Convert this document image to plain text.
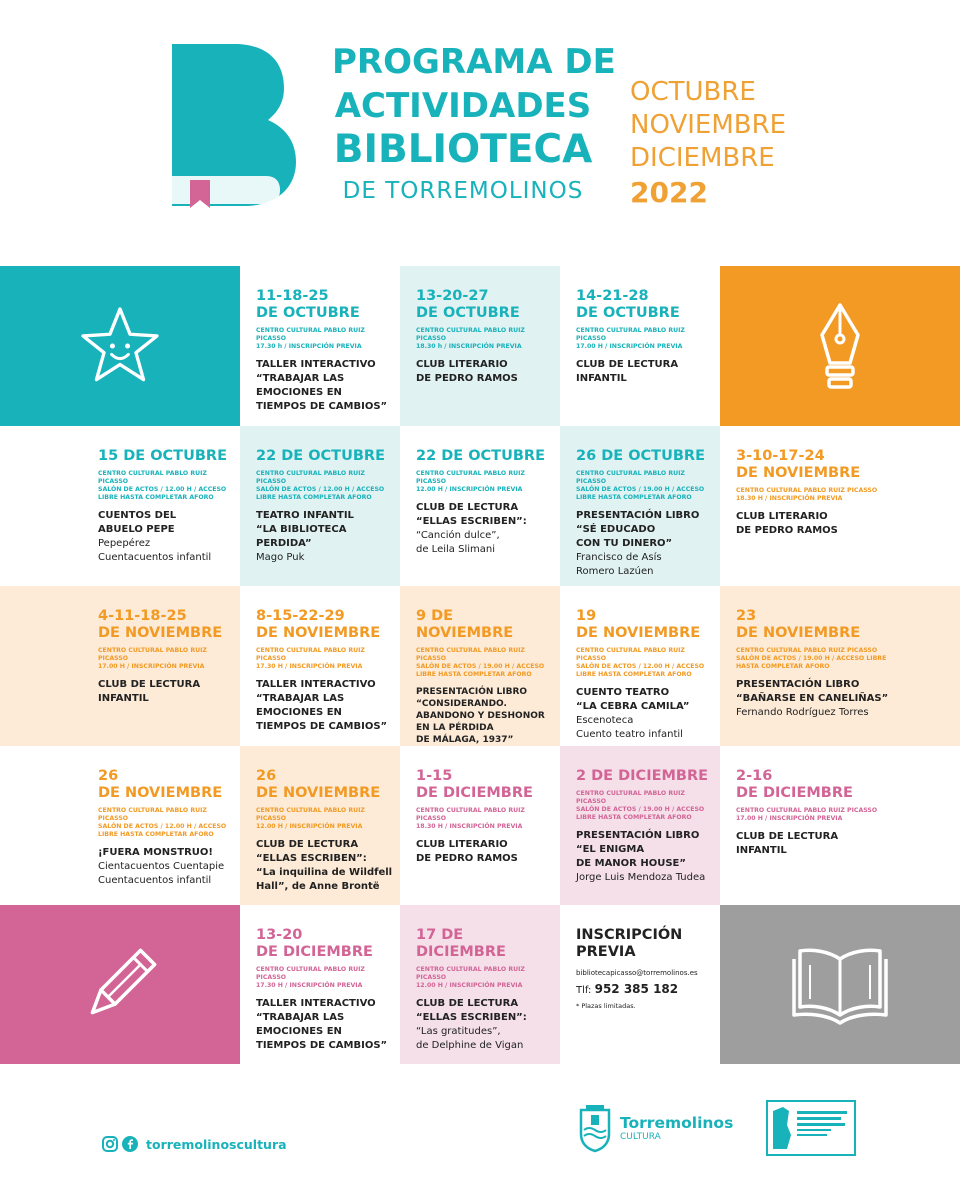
PROGRAMA DE
ACTIVIDADES
BIBLIOTECA
DE TORREMOLINOS
OCTUBRE
NOVIEMBRE
DICIEMBRE
2022
11-18-25
DE OCTUBRE
CENTRO CULTURAL PABLO RUIZ PICASSO
17.30 h / INSCRIPCIÓN PREVIA
TALLER INTERACTIVO
“TRABAJAR LAS
EMOCIONES EN
TIEMPOS DE CAMBIOS”
13-20-27
DE OCTUBRE
CENTRO CULTURAL PABLO RUIZ PICASSO
18.30 h / INSCRIPCIÓN PREVIA
CLUB LITERARIO
DE PEDRO RAMOS
14-21-28
DE OCTUBRE
CENTRO CULTURAL PABLO RUIZ PICASSO
17.00 H / INSCRIPCIÓN PREVIA
CLUB DE LECTURA
INFANTIL
15 DE OCTUBRE
CENTRO CULTURAL PABLO RUIZ PICASSO
SALÓN DE ACTOS / 12.00 H / ACCESO
LIBRE HASTA COMPLETAR AFORO
CUENTOS DEL
ABUELO PEPE
Pepepérez
Cuentacuentos infantil
22 DE OCTUBRE
CENTRO CULTURAL PABLO RUIZ PICASSO
SALÓN DE ACTOS / 12.00 H / ACCESO
LIBRE HASTA COMPLETAR AFORO
TEATRO INFANTIL
“LA BIBLIOTECA
PERDIDA”
Mago Puk
22 DE OCTUBRE
CENTRO CULTURAL PABLO RUIZ PICASSO
12.00 H / INSCRIPCIÓN PREVIA
CLUB DE LECTURA
“ELLAS ESCRIBEN”:
“Canción dulce”,
de Leila Slimani
26 DE OCTUBRE
CENTRO CULTURAL PABLO RUIZ PICASSO
SALÓN DE ACTOS / 19.00 H / ACCESO
LIBRE HASTA COMPLETAR AFORO
PRESENTACIÓN LIBRO
“SÉ EDUCADO
CON TU DINERO”
Francisco de Asís
Romero Lazúen
3-10-17-24
DE NOVIEMBRE
CENTRO CULTURAL PABLO RUIZ PICASSO
18.30 H / INSCRIPCIÓN PREVIA
CLUB LITERARIO
DE PEDRO RAMOS
4-11-18-25
DE NOVIEMBRE
CENTRO CULTURAL PABLO RUIZ PICASSO
17.00 H / INSCRIPCIÓN PREVIA
CLUB DE LECTURA
INFANTIL
8-15-22-29
DE NOVIEMBRE
CENTRO CULTURAL PABLO RUIZ PICASSO
17.30 H / INSCRIPCIÓN PREVIA
TALLER INTERACTIVO
“TRABAJAR LAS
EMOCIONES EN
TIEMPOS DE CAMBIOS”
9 DE NOVIEMBRE
CENTRO CULTURAL PABLO RUIZ PICASSO
SALÓN DE ACTOS / 19.00 H / ACCESO
LIBRE HASTA COMPLETAR AFORO
PRESENTACIÓN LIBRO
“CONSIDERANDO.
ABANDONO Y DESHONOR
EN LA PÉRDIDA
DE MÁLAGA, 1937”
19
DE NOVIEMBRE
CENTRO CULTURAL PABLO RUIZ PICASSO
SALÓN DE ACTOS / 12.00 H / ACCESO
LIBRE HASTA COMPLETAR AFORO
CUENTO TEATRO
“LA CEBRA CAMILA”
Escenoteca
Cuento teatro infantil
23
DE NOVIEMBRE
CENTRO CULTURAL PABLO RUIZ PICASSO
SALÓN DE ACTOS / 19.00 H / ACCESO LIBRE
HASTA COMPLETAR AFORO
PRESENTACIÓN LIBRO
“BAÑARSE EN CANELIÑAS”
Fernando Rodríguez Torres
26
DE NOVIEMBRE
CENTRO CULTURAL PABLO RUIZ PICASSO
SALÓN DE ACTOS / 12.00 H / ACCESO
LIBRE HASTA COMPLETAR AFORO
¡FUERA MONSTRUO!
Cientacuentos Cuentapie
Cuentacuentos infantil
26
DE NOVIEMBRE
CENTRO CULTURAL PABLO RUIZ PICASSO
12.00 H / INSCRIPCIÓN PREVIA
CLUB DE LECTURA
“ELLAS ESCRIBEN”:
“La inquilina de Wildfell
Hall”, de Anne Brontë
1-15
DE DICIEMBRE
CENTRO CULTURAL PABLO RUIZ PICASSO
18.30 H / INSCRIPCIÓN PREVIA
CLUB LITERARIO
DE PEDRO RAMOS
2 DE DICIEMBRE
CENTRO CULTURAL PABLO RUIZ PICASSO
SALÓN DE ACTOS / 19.00 H / ACCESO
LIBRE HASTA COMPLETAR AFORO
PRESENTACIÓN LIBRO
“EL ENIGMA
DE MANOR HOUSE”
Jorge Luis Mendoza Tudea
2-16
DE DICIEMBRE
CENTRO CULTURAL PABLO RUIZ PICASSO
17.00 H / INSCRIPCIÓN PREVIA
CLUB DE LECTURA
INFANTIL
13-20
DE DICIEMBRE
CENTRO CULTURAL PABLO RUIZ PICASSO
17.30 H / INSCRIPCIÓN PREVIA
TALLER INTERACTIVO
“TRABAJAR LAS
EMOCIONES EN
TIEMPOS DE CAMBIOS”
17 DE
DICIEMBRE
CENTRO CULTURAL PABLO RUIZ PICASSO
12.00 H / INSCRIPCIÓN PREVIA
CLUB DE LECTURA
“ELLAS ESCRIBEN”:
“Las gratitudes”,
de Delphine de Vigan
INSCRIPCIÓN
PREVIA
bibliotecapicasso@torremolinos.es
Tlf: 952 385 182
* Plazas limitadas.
torremolinoscultura
Torremolinos
CULTURA
